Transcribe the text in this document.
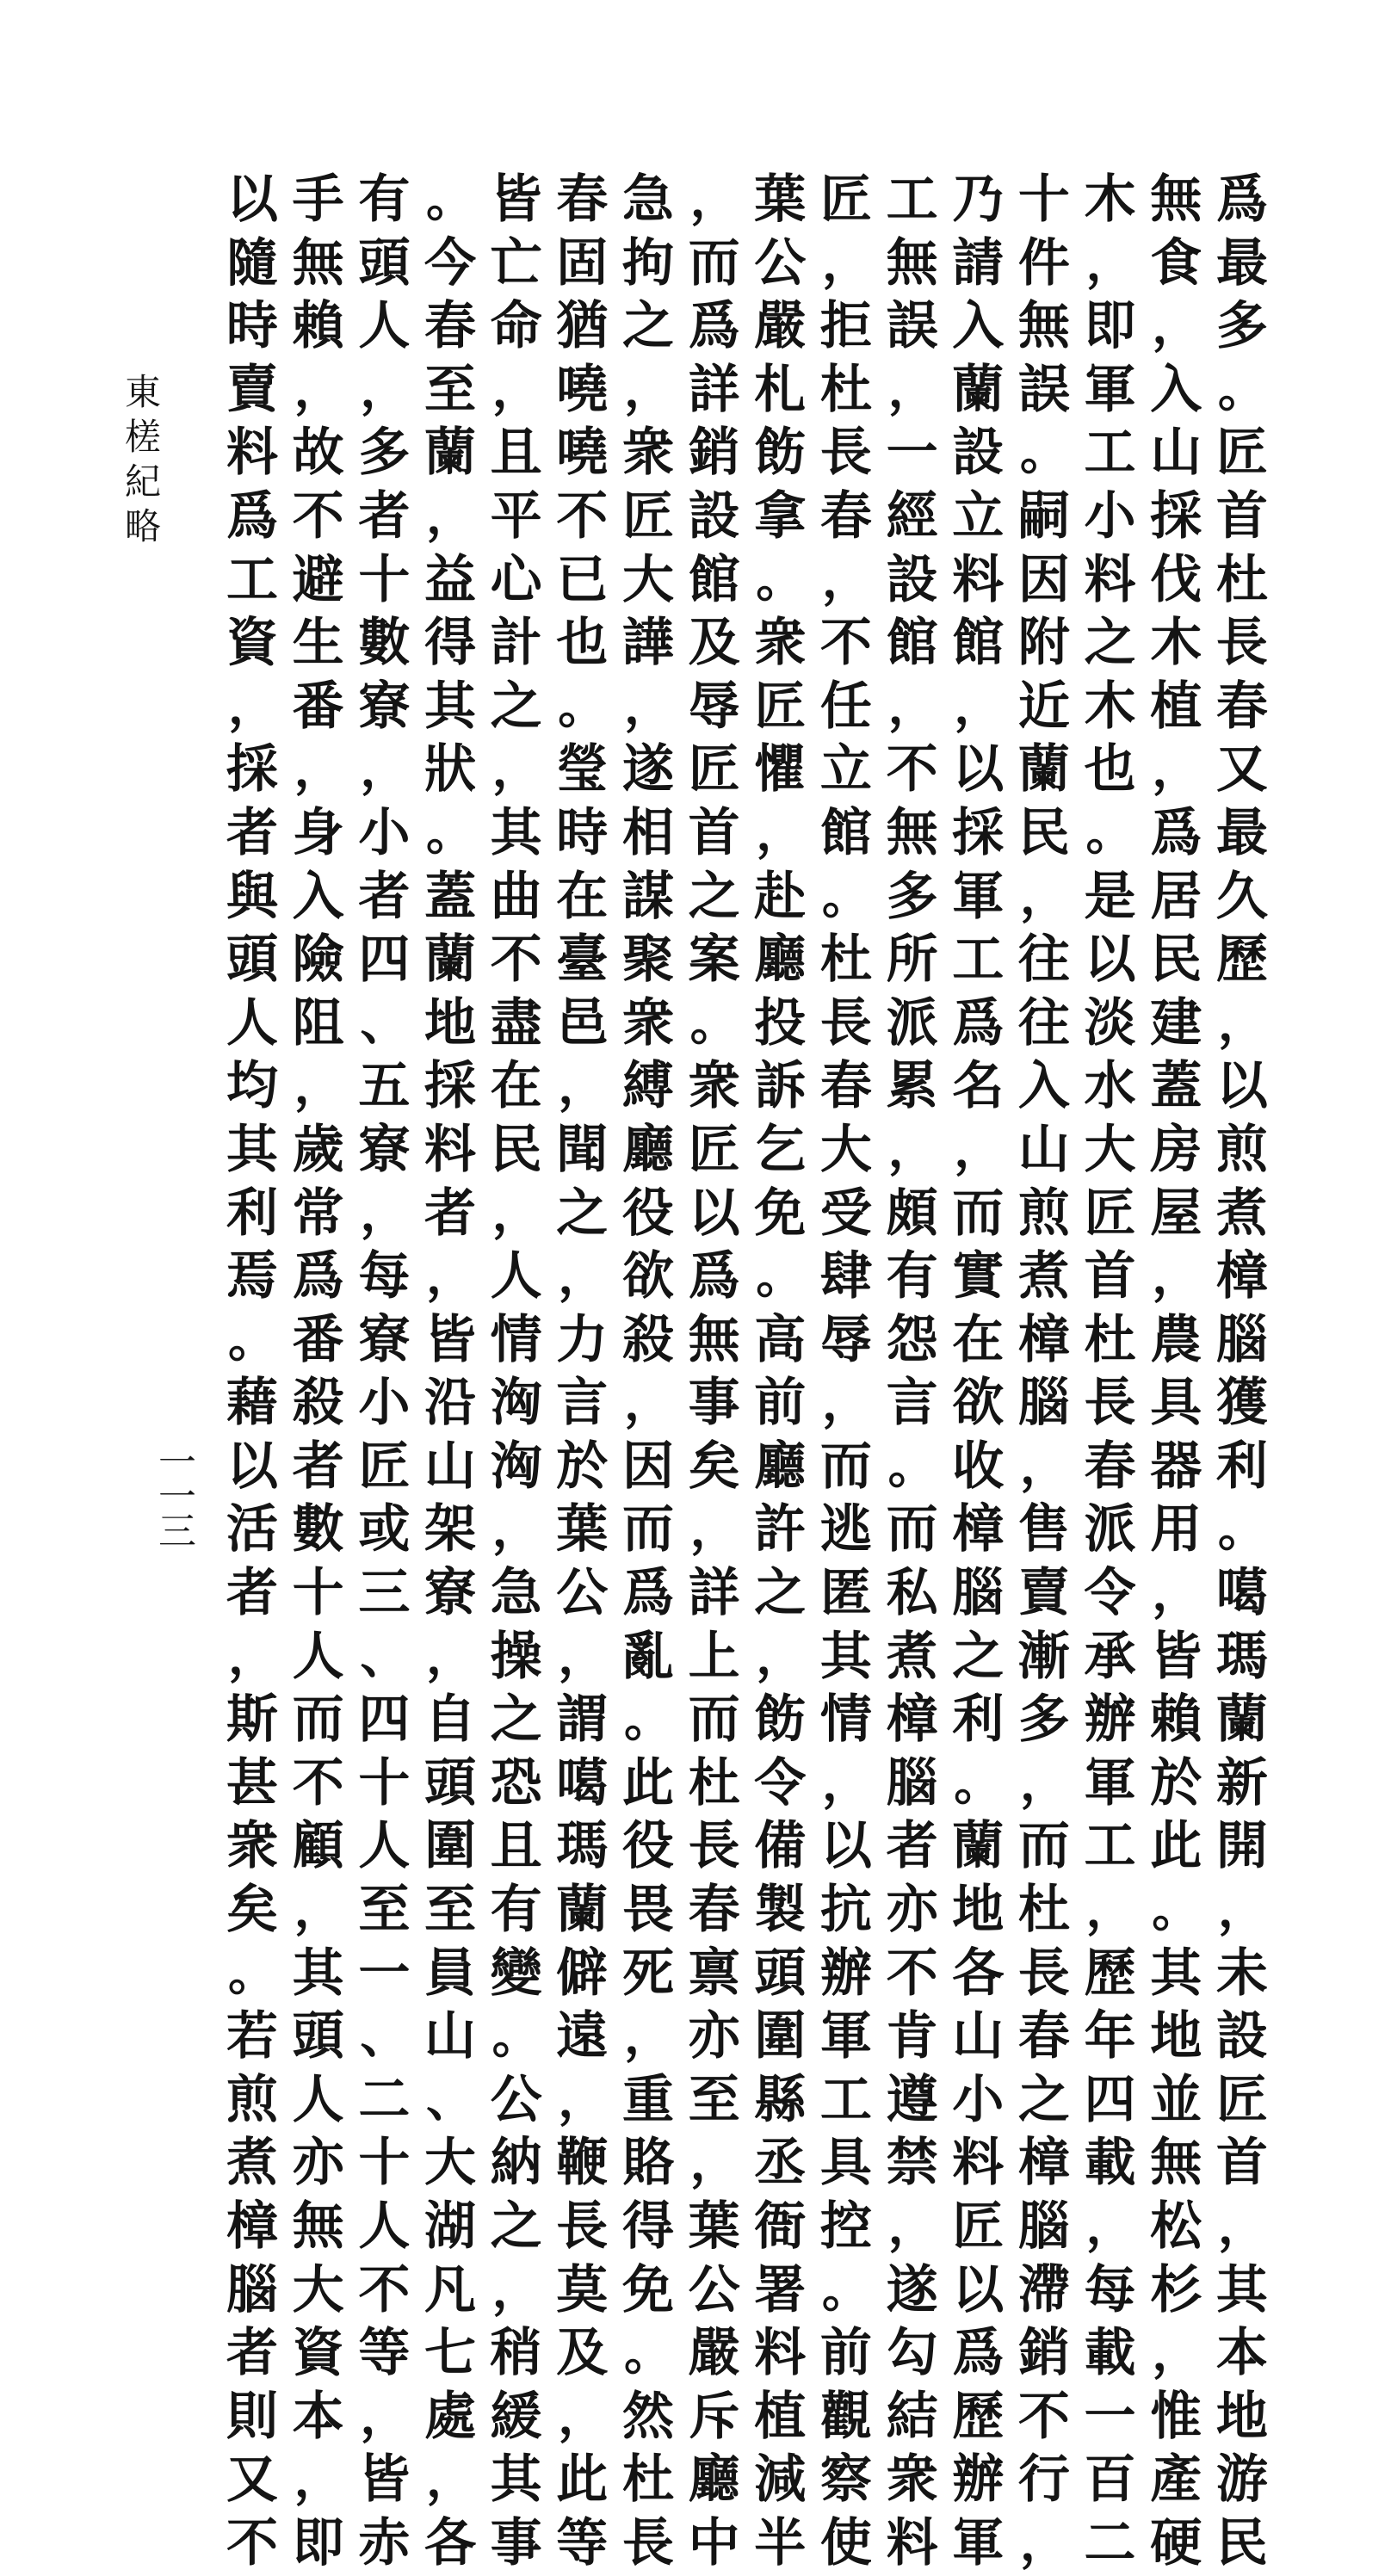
東
槎
紀
略
一
一
三
爲
最
多
。
匠
首
杜
長
春
又
最
久
歷
，
以
煎
煮
樟
腦
獲
利
。
噶
瑪
蘭
新
開
，
未
設
匠
首
，
其
本
地
游
民
無
食
，
入
山
採
伐
木
植
，
爲
居
民
建
蓋
房
屋
，
農
具
器
用
，
皆
賴
於
此
。
其
地
並
無
松
杉
，
惟
產
硬
木
，
即
軍
工
小
料
之
木
也
。
是
以
淡
水
大
匠
首
杜
長
春
派
令
承
辦
軍
工
，
歷
年
四
載
，
每
載
一
百
二
十
件
無
誤
。
嗣
因
附
近
蘭
民
，
往
往
入
山
煎
煮
樟
腦
，
售
賣
漸
多
，
而
杜
長
春
之
樟
腦
滯
銷
不
行
，
乃
請
入
蘭
設
立
料
館
，
以
採
軍
工
爲
名
，
而
實
在
欲
收
樟
腦
之
利
。
蘭
地
各
山
小
料
匠
以
爲
歷
辦
軍
工
無
誤
，
一
經
設
館
，
不
無
多
所
派
累
，
頗
有
怨
言
。
而
私
煮
樟
腦
者
亦
不
肯
遵
禁
，
遂
勾
結
衆
料
匠
，
拒
杜
長
春
，
不
任
立
館
。
杜
長
春
大
受
肆
辱
，
而
逃
匿
其
情
，
以
抗
辦
軍
工
具
控
。
前
觀
察
使
葉
公
嚴
札
飭
拿
。
衆
匠
懼
，
赴
廳
投
訴
乞
免
。
高
前
廳
許
之
，
飭
令
備
製
頭
圍
縣
丞
衙
署
料
植
減
半
，
而
爲
詳
銷
設
館
及
辱
匠
首
之
案
。
衆
匠
以
爲
無
事
矣
，
詳
上
而
杜
長
春
禀
亦
至
，
葉
公
嚴
斥
廳
中
急
拘
之
，
衆
匠
大
譁
，
遂
相
謀
聚
衆
縛
廳
役
欲
殺
，
因
而
爲
亂
。
此
役
畏
死
，
重
賂
得
免
。
然
杜
長
春
固
猶
嘵
嘵
不
已
也
。
瑩
時
在
臺
邑
，
聞
之
，
力
言
於
葉
公
，
謂
噶
瑪
蘭
僻
遠
，
鞭
長
莫
及
，
此
等
皆
亡
命
，
且
平
心
計
之
，
其
曲
不
盡
在
民
，
人
情
洶
洶
，
急
操
之
恐
且
有
變
。
公
納
之
，
稍
緩
其
事
。
今
春
至
蘭
，
益
得
其
狀
。
蓋
蘭
地
採
料
者
，
皆
沿
山
架
寮
，
自
頭
圍
至
員
山
、
大
湖
凡
七
處
，
各
有
頭
人
，
多
者
十
數
寮
，
小
者
四
、
五
寮
，
每
寮
小
匠
或
三
、
四
十
人
至
一
、
二
十
人
不
等
，
皆
赤
手
無
賴
，
故
不
避
生
番
，
身
入
險
阻
，
歲
常
爲
番
殺
者
數
十
人
而
不
顧
，
其
頭
人
亦
無
大
資
本
，
即
以
隨
時
賣
料
爲
工
資
，
採
者
與
頭
人
均
其
利
焉
。
藉
以
活
者
，
斯
甚
衆
矣
。
若
煎
煮
樟
腦
者
則
又
不
